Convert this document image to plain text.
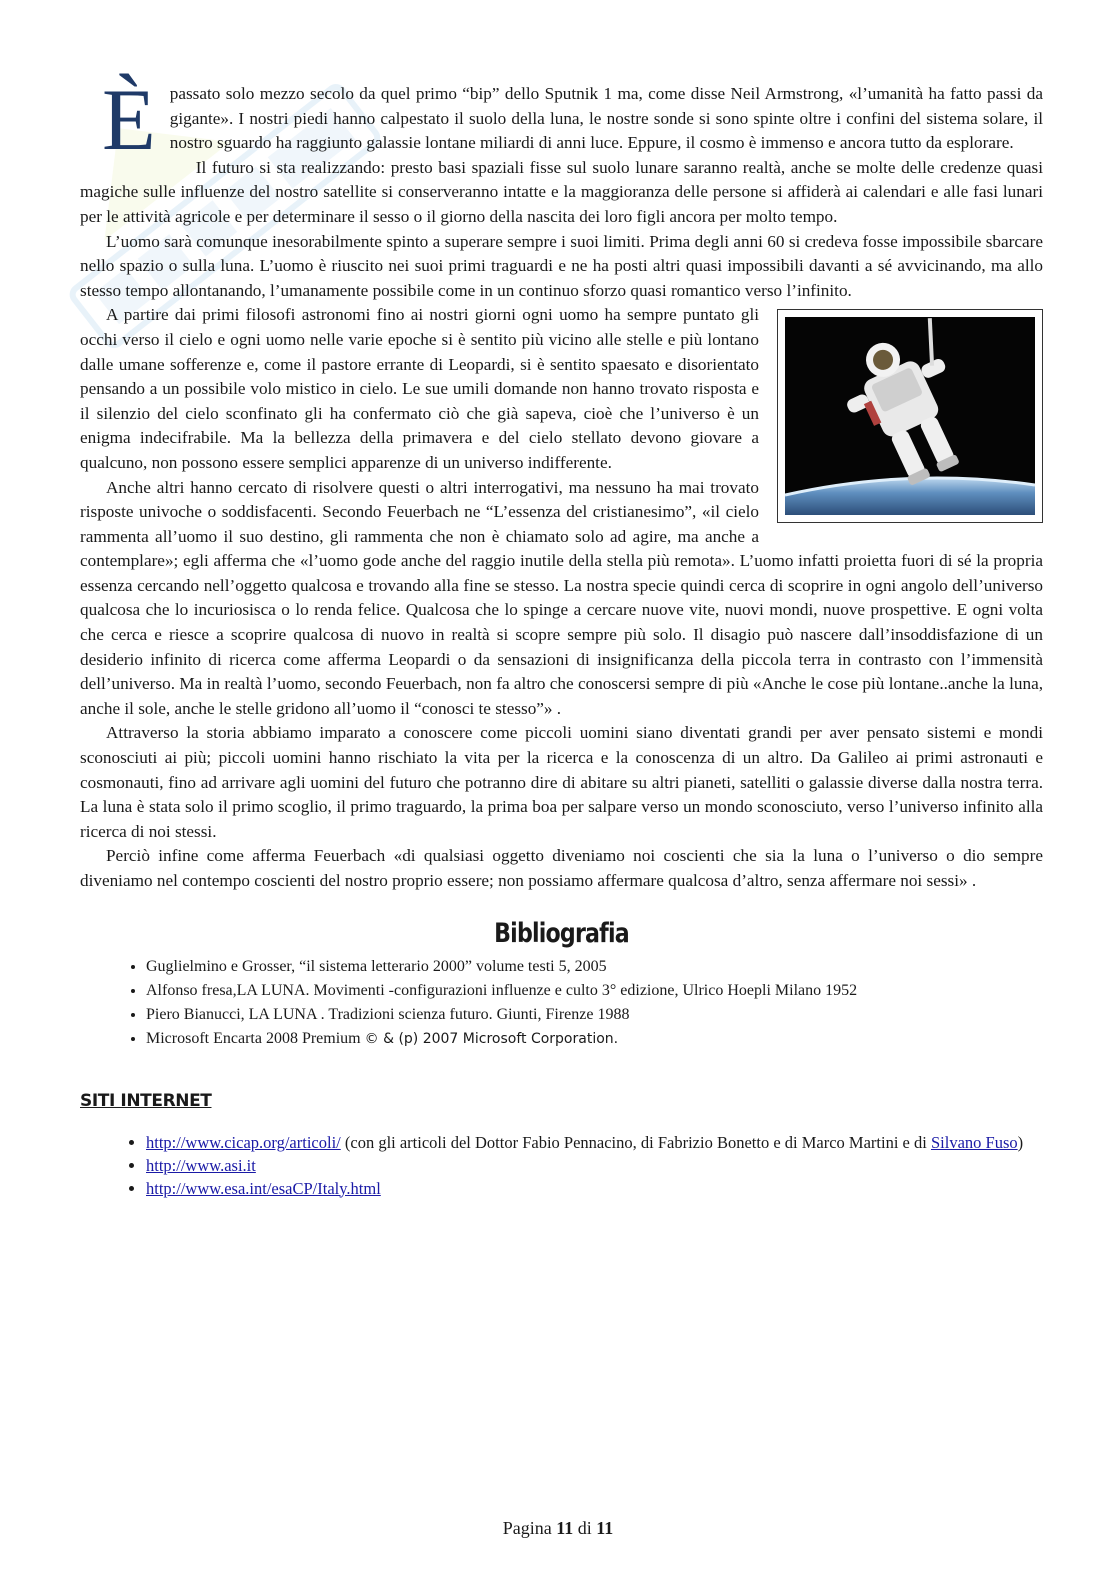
È passato solo mezzo secolo da quel primo “bip” dello Sputnik 1 ma, come disse Neil Armstrong, «l’umanità ha fatto passi da gigante». I nostri piedi hanno calpestato il suolo della luna, le nostre sonde si sono spinte oltre i confini del sistema solare, il nostro sguardo ha raggiunto galassie lontane miliardi di anni luce. Eppure, il cosmo è immenso e ancora tutto da esplorare.

Il futuro si sta realizzando: presto basi spaziali fisse sul suolo lunare saranno realtà, anche se molte delle credenze quasi magiche sulle influenze del nostro satellite si conserveranno intatte e la maggioranza delle persone si affiderà ai calendari e alle fasi lunari per le attività agricole e per determinare il sesso o il giorno della nascita dei loro figli ancora per molto tempo.

L’uomo sarà comunque inesorabilmente spinto a superare sempre i suoi limiti. Prima degli anni 60 si credeva fosse impossibile sbarcare nello spazio o sulla luna. L’uomo è riuscito nei suoi primi traguardi e ne ha posti altri quasi impossibili davanti a sé avvicinando, ma allo stesso tempo allontanando, l’umanamente possibile come in un continuo sforzo quasi romantico verso l’infinito.

A partire dai primi filosofi astronomi fino ai nostri giorni ogni uomo ha sempre puntato gli occhi verso il cielo e ogni uomo nelle varie epoche si è sentito più vicino alle stelle e più lontano dalle umane sofferenze e, come il pastore errante di Leopardi, si è sentito spaesato e disorientato pensando a un possibile volo mistico in cielo. Le sue umili domande non hanno trovato risposta e il silenzio del cielo sconfinato gli ha confermato ciò che già sapeva, cioè che l’universo è un enigma indecifrabile. Ma la bellezza della primavera e del cielo stellato devono giovare a qualcuno, non possono essere semplici apparenze di un universo indifferente.

Anche altri hanno cercato di risolvere questi o altri interrogativi, ma nessuno ha mai trovato risposte univoche o soddisfacenti. Secondo Feuerbach ne “L’essenza del cristianesimo”, «il cielo rammenta all’uomo il suo destino, gli rammenta che non è chiamato solo ad agire, ma anche a contemplare»; egli afferma che «l’uomo gode anche del raggio inutile della stella più remota». L’uomo infatti proietta fuori di sé la propria essenza cercando nell’oggetto qualcosa e trovando alla fine se stesso. La nostra specie quindi cerca di scoprire in ogni angolo dell’universo qualcosa che lo incuriosisca o lo renda felice. Qualcosa che lo spinge a cercare nuove vite, nuovi mondi, nuove prospettive. E ogni volta che cerca e riesce a scoprire qualcosa di nuovo in realtà si scopre sempre più solo. Il disagio può nascere dall’insoddisfazione di un desiderio infinito di ricerca come afferma Leopardi o da sensazioni di insignificanza della piccola terra in contrasto con l’immensità dell’universo. Ma in realtà l’uomo, secondo Feuerbach, non fa altro che conoscersi sempre di più «Anche le cose più lontane..anche la luna, anche il sole, anche le stelle gridono all’uomo il “conosci te stesso”» .

Attraverso la storia abbiamo imparato a conoscere come piccoli uomini siano diventati grandi per aver pensato sistemi e mondi sconosciuti ai più; piccoli uomini hanno rischiato la vita per la ricerca e la conoscenza di un altro. Da Galileo ai primi astronauti e cosmonauti, fino ad arrivare agli uomini del futuro che potranno dire di abitare su altri pianeti, satelliti o galassie diverse dalla nostra terra. La luna è stata solo il primo scoglio, il primo traguardo, la prima boa per salpare verso un mondo sconosciuto, verso l’universo infinito alla ricerca di noi stessi.

Perciò infine come afferma Feuerbach «di qualsiasi oggetto diveniamo noi coscienti che sia la luna o l’universo o dio sempre diveniamo nel contempo coscienti del nostro proprio essere; non possiamo affermare qualcosa d’altro, senza affermare noi sessi» .

Bibliografia
• Guglielmino e Grosser, “il sistema letterario 2000” volume testi 5, 2005
• Alfonso fresa,LA LUNA. Movimenti -configurazioni influenze e culto 3° edizione, Ulrico Hoepli Milano 1952
• Piero Bianucci, LA LUNA . Tradizioni scienza futuro. Giunti, Firenze 1988
• Microsoft Encarta 2008 Premium © & (p) 2007 Microsoft Corporation.
SITI INTERNET
• http://www.cicap.org/articoli/ (con gli articoli del Dottor Fabio Pennacino, di Fabrizio Bonetto e di Marco Martini e di Silvano Fuso)
• http://www.asi.it
• http://www.esa.int/esaCP/Italy.html
Pagina 11 di 11
